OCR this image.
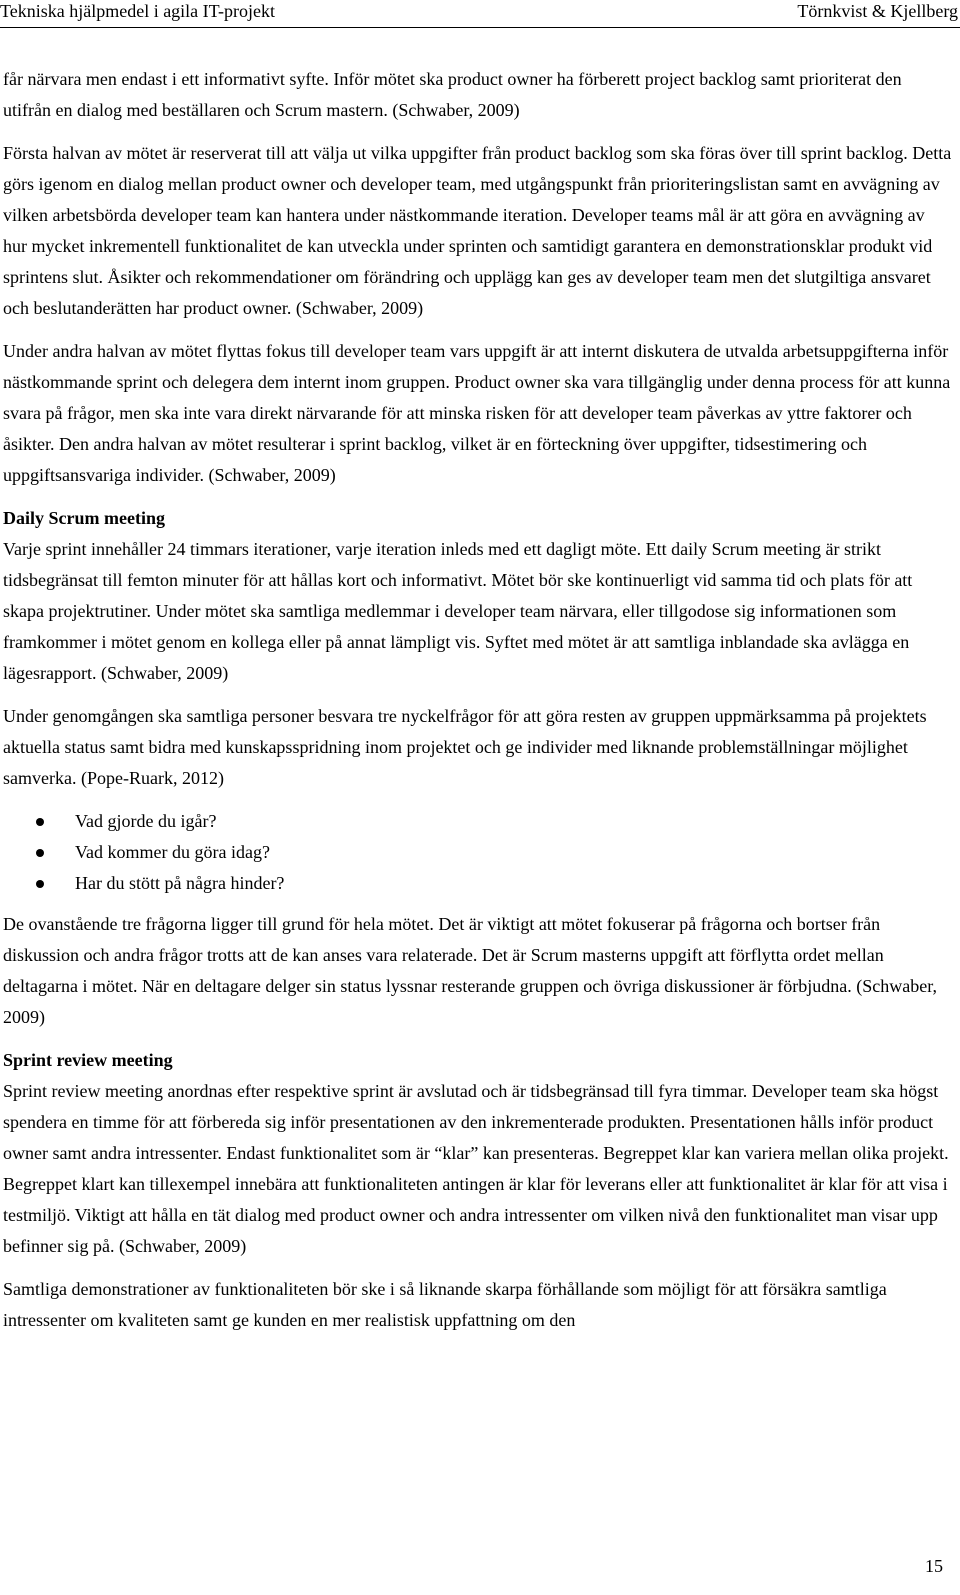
Tekniska hjälpmedel i agila IT-projekt	Törnkvist & Kjellberg

får närvara men endast i ett informativt syfte. Inför mötet ska product owner ha förberett project backlog samt prioriterat den utifrån en dialog med beställaren och Scrum mastern. (Schwaber, 2009)

Första halvan av mötet är reserverat till att välja ut vilka uppgifter från product backlog som ska föras över till sprint backlog. Detta görs igenom en dialog mellan product owner och developer team, med utgångspunkt från prioriteringslistan samt en avvägning av vilken arbetsbörda developer team kan hantera under nästkommande iteration. Developer teams mål är att göra en avvägning av hur mycket inkrementell funktionalitet de kan utveckla under sprinten och samtidigt garantera en demonstrationsklar produkt vid sprintens slut. Åsikter och rekommendationer om förändring och upplägg kan ges av developer team men det slutgiltiga ansvaret och beslutanderätten har product owner. (Schwaber, 2009)

Under andra halvan av mötet flyttas fokus till developer team vars uppgift är att internt diskutera de utvalda arbetsuppgifterna inför nästkommande sprint och delegera dem internt inom gruppen. Product owner ska vara tillgänglig under denna process för att kunna svara på frågor, men ska inte vara direkt närvarande för att minska risken för att developer team påverkas av yttre faktorer och åsikter. Den andra halvan av mötet resulterar i sprint backlog, vilket är en förteckning över uppgifter, tidsestimering och uppgiftsansvariga individer. (Schwaber, 2009)

Daily Scrum meeting

Varje sprint innehåller 24 timmars iterationer, varje iteration inleds med ett dagligt möte. Ett daily Scrum meeting är strikt tidsbegränsat till femton minuter för att hållas kort och informativt. Mötet bör ske kontinuerligt vid samma tid och plats för att skapa projektrutiner. Under mötet ska samtliga medlemmar i developer team närvara, eller tillgodose sig informationen som framkommer i mötet genom en kollega eller på annat lämpligt vis. Syftet med mötet är att samtliga inblandade ska avlägga en lägesrapport. (Schwaber, 2009)

Under genomgången ska samtliga personer besvara tre nyckelfrågor för att göra resten av gruppen uppmärksamma på projektets aktuella status samt bidra med kunskapsspridning inom projektet och ge individer med liknande problemställningar möjlighet samverka. (Pope-Ruark, 2012)

Vad gjorde du igår?
Vad kommer du göra idag?
Har du stött på några hinder?

De ovanstående tre frågorna ligger till grund för hela mötet. Det är viktigt att mötet fokuserar på frågorna och bortser från diskussion och andra frågor trotts att de kan anses vara relaterade. Det är Scrum masterns uppgift att förflytta ordet mellan deltagarna i mötet. När en deltagare delger sin status lyssnar resterande gruppen och övriga diskussioner är förbjudna. (Schwaber, 2009)

Sprint review meeting

Sprint review meeting anordnas efter respektive sprint är avslutad och är tidsbegränsad till fyra timmar. Developer team ska högst spendera en timme för att förbereda sig inför presentationen av den inkrementerade produkten. Presentationen hålls inför product owner samt andra intressenter. Endast funktionalitet som är “klar” kan presenteras. Begreppet klar kan variera mellan olika projekt. Begreppet klart kan tillexempel innebära att funktionaliteten antingen är klar för leverans eller att funktionalitet är klar för att visa i testmiljö. Viktigt att hålla en tät dialog med product owner och andra intressenter om vilken nivå den funktionalitet man visar upp befinner sig på. (Schwaber, 2009)

Samtliga demonstrationer av funktionaliteten bör ske i så liknande skarpa förhållande som möjligt för att försäkra samtliga intressenter om kvaliteten samt ge kunden en mer realistisk uppfattning om den

15
